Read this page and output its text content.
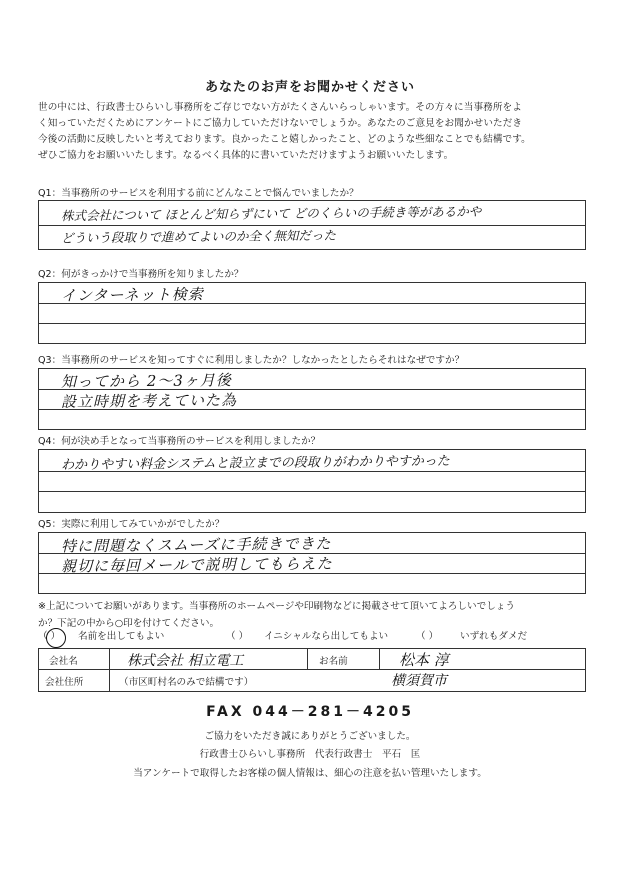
あなたのお声をお聞かせください
世の中には、行政書士ひらいし事務所をご存じでない方がたくさんいらっしゃいます。その方々に当事務所をよ
く知っていただくためにアンケートにご協力していただけないでしょうか。あなたのご意見をお聞かせいただき
今後の活動に反映したいと考えております。良かったこと嬉しかったこと、どのような些細なことでも結構です。
ぜひご協力をお願いいたします。なるべく具体的に書いていただけますようお願いいたします。
Q1：当事務所のサービスを利用する前にどんなことで悩んでいましたか？
株式会社について ほとんど知らずにいて どのくらいの手続き等があるかや
どういう段取りで進めてよいのか全く無知だった
Q2：何がきっかけで当事務所を知りましたか？
インターネット検索
Q3：当事務所のサービスを知ってすぐに利用しましたか？しなかったとしたらそれはなぜですか？
知ってから 2～3ヶ月後
設立時期を考えていた為
Q4：何が決め手となって当事務所のサービスを利用しましたか？
わかりやすい料金システムと設立までの段取りがわかりやすかった
Q5：実際に利用してみていかがでしたか？
特に問題なくスムーズに手続きできた
親切に毎回メールで説明してもらえた
※上記についてお願いがあります。当事務所のホームページや印刷物などに掲載させて頂いてよろしいでしょう
か？下記の中から○印を付けてください。
（ ） 名前を出してもよい	（ ） イニシャルなら出してもよい	（ ） いずれもダメだ
会社名	株式会社 相立電工	お名前	松本 淳
会社住所	（市区町村名のみで結構です）	横須賀市
FAX 044－281－4205
ご協力をいただき誠にありがとうございました。
行政書士ひらいし事務所　代表行政書士　平石　匡
当アンケートで取得したお客様の個人情報は、細心の注意を払い管理いたします。
